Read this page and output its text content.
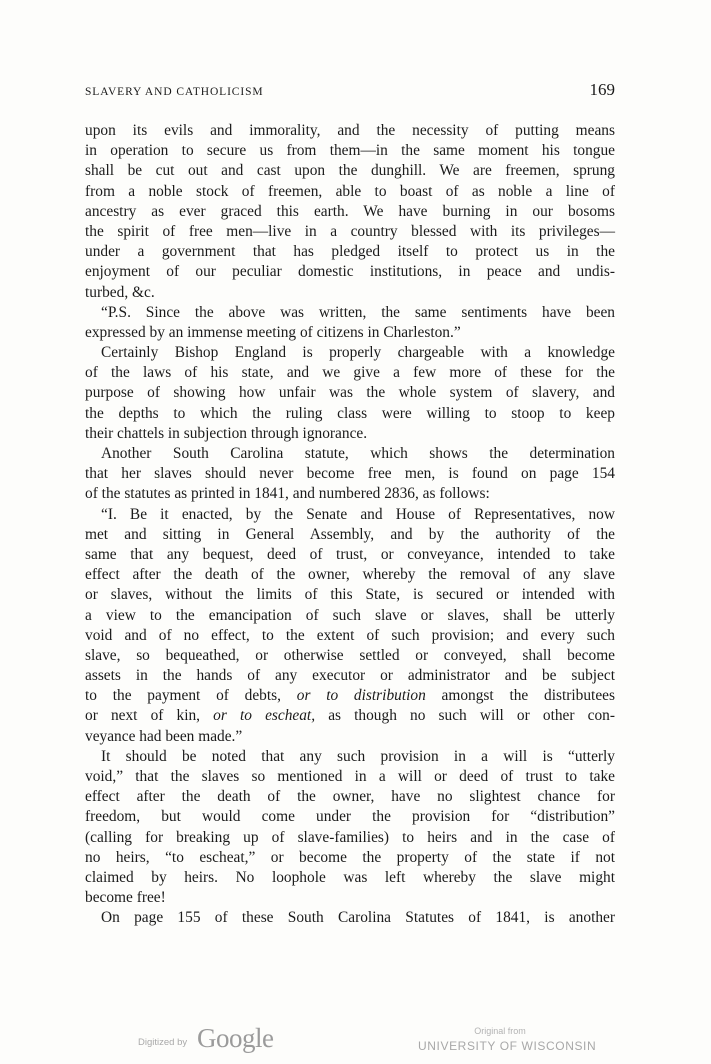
SLAVERY AND CATHOLICISM	169
upon its evils and immorality, and the necessity of putting means
in operation to secure us from them—in the same moment his tongue
shall be cut out and cast upon the dunghill. We are freemen, sprung
from a noble stock of freemen, able to boast of as noble a line of
ancestry as ever graced this earth. We have burning in our bosoms
the spirit of free men—live in a country blessed with its privileges—
under a government that has pledged itself to protect us in the
enjoyment of our peculiar domestic institutions, in peace and undis-
turbed, &c.
“P.S. Since the above was written, the same sentiments have been
expressed by an immense meeting of citizens in Charleston.”
Certainly Bishop England is properly chargeable with a knowledge
of the laws of his state, and we give a few more of these for the
purpose of showing how unfair was the whole system of slavery, and
the depths to which the ruling class were willing to stoop to keep
their chattels in subjection through ignorance.
Another South Carolina statute, which shows the determination
that her slaves should never become free men, is found on page 154
of the statutes as printed in 1841, and numbered 2836, as follows:
“I. Be it enacted, by the Senate and House of Representatives, now
met and sitting in General Assembly, and by the authority of the
same that any bequest, deed of trust, or conveyance, intended to take
effect after the death of the owner, whereby the removal of any slave
or slaves, without the limits of this State, is secured or intended with
a view to the emancipation of such slave or slaves, shall be utterly
void and of no effect, to the extent of such provision; and every such
slave, so bequeathed, or otherwise settled or conveyed, shall become
assets in the hands of any executor or administrator and be subject
to the payment of debts, or to distribution amongst the distributees
or next of kin, or to escheat, as though no such will or other con-
veyance had been made.”
It should be noted that any such provision in a will is “utterly
void,” that the slaves so mentioned in a will or deed of trust to take
effect after the death of the owner, have no slightest chance for
freedom, but would come under the provision for “distribution”
(calling for breaking up of slave-families) to heirs and in the case of
no heirs, “to escheat,” or become the property of the state if not
claimed by heirs. No loophole was left whereby the slave might
become free!
On page 155 of these South Carolina Statutes of 1841, is another
Digitized by Google	Original from
UNIVERSITY OF WISCONSIN
